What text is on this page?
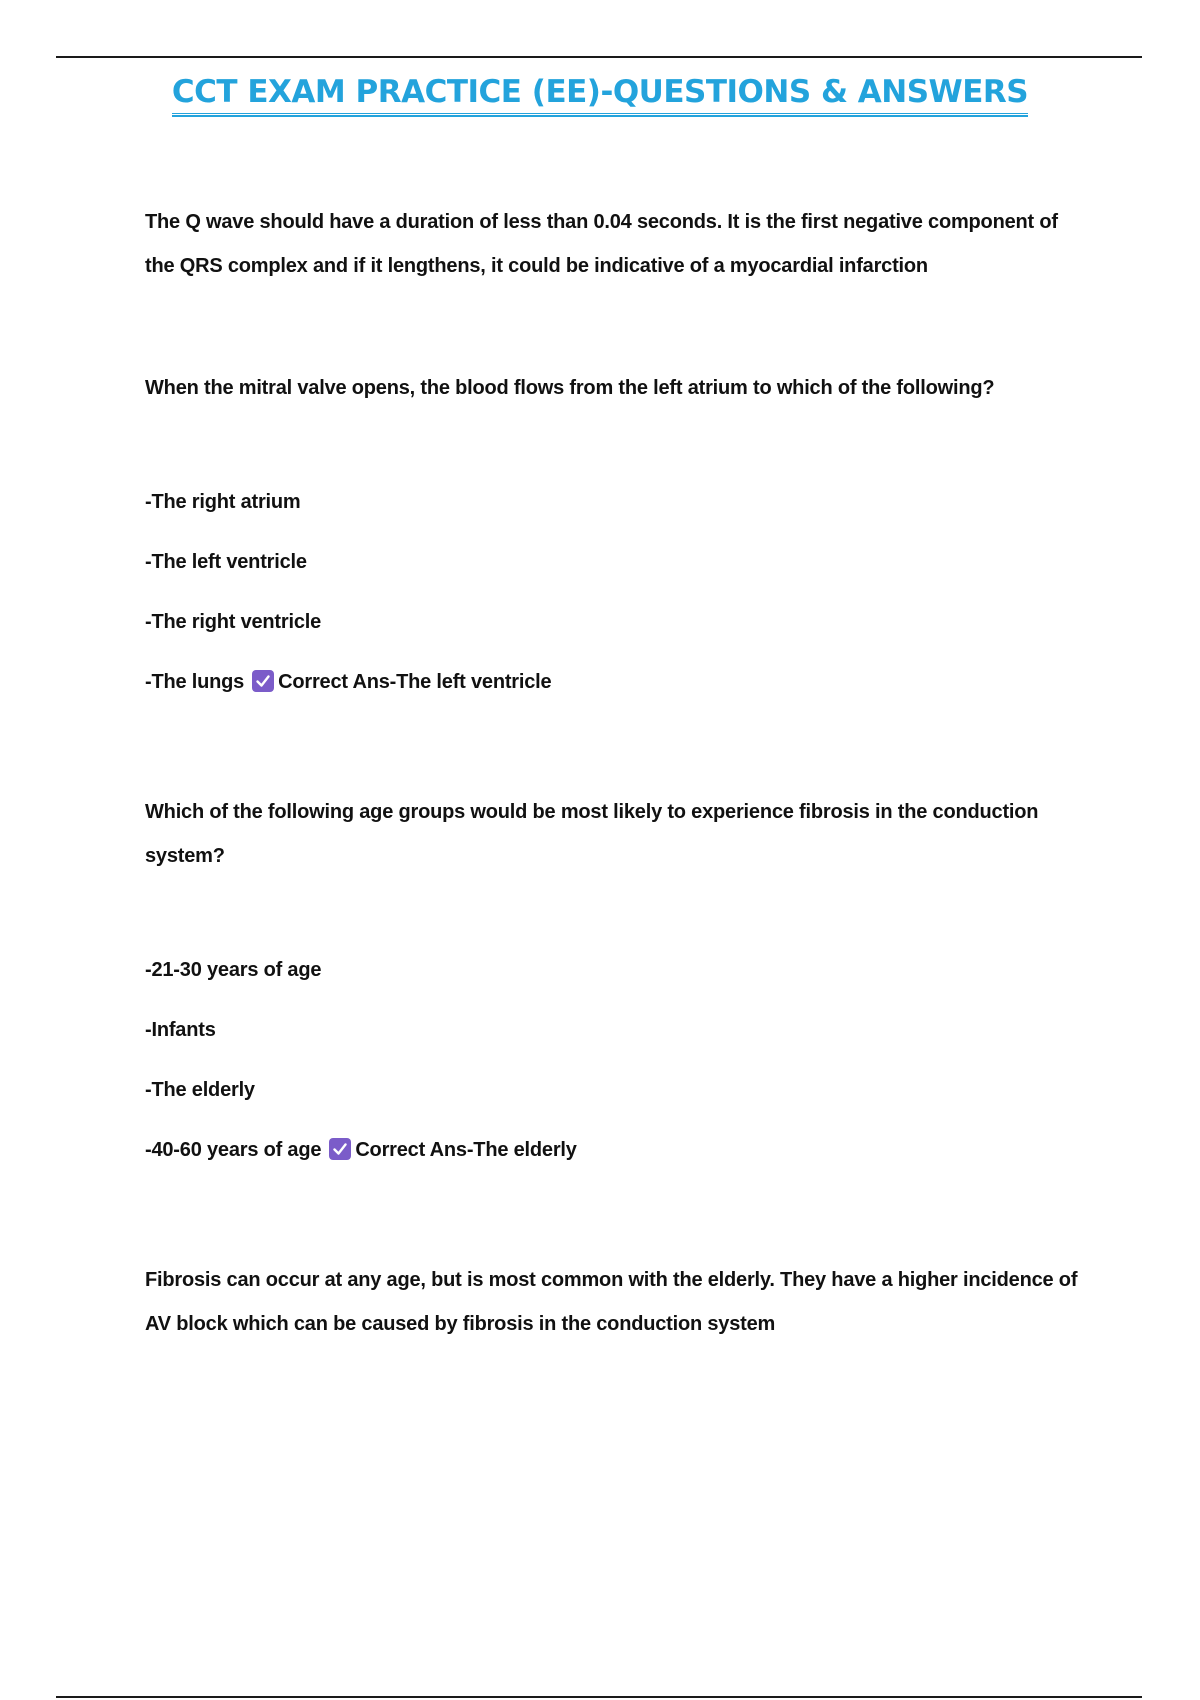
CCT EXAM PRACTICE (EE)-QUESTIONS & ANSWERS

The Q wave should have a duration of less than 0.04 seconds. It is the first negative component of the QRS complex and if it lengthens, it could be indicative of a myocardial infarction

When the mitral valve opens, the blood flows from the left atrium to which of the following?

-The right atrium

-The left ventricle

-The right ventricle

-The lungs Correct Ans-The left ventricle

Which of the following age groups would be most likely to experience fibrosis in the conduction system?

-21-30 years of age

-Infants

-The elderly

-40-60 years of age Correct Ans-The elderly

Fibrosis can occur at any age, but is most common with the elderly. They have a higher incidence of AV block which can be caused by fibrosis in the conduction system
